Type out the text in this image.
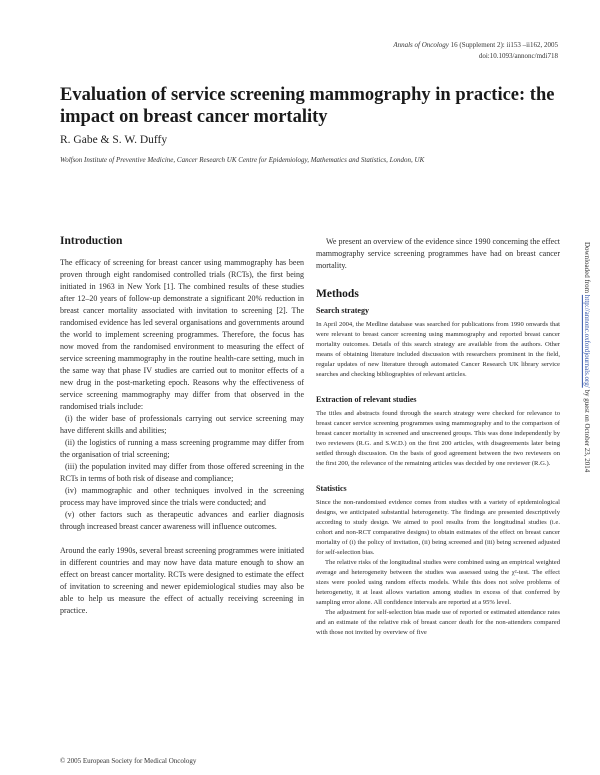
Annals of Oncology 16 (Supplement 2): ii153 –ii162, 2005
doi:10.1093/annonc/mdi718
Evaluation of service screening mammography in practice: the impact on breast cancer mortality

R. Gabe & S. W. Duffy

Wolfson Institute of Preventive Medicine, Cancer Research UK Centre for Epidemiology, Mathematics and Statistics, London, UK

Introduction

The efficacy of screening for breast cancer using mammography has been proven through eight randomised controlled trials (RCTs), the first being initiated in 1963 in New York [1]. The combined results of these studies after 12–20 years of follow-up demonstrate a significant 20% reduction in breast cancer mortality associated with invitation to screening [2]. The randomised evidence has led several organisations and governments around the world to implement screening programmes. Therefore, the focus has now moved from the randomised environment to measuring the effect of service screening mammography in the routine health-care setting, much in the same way that phase IV studies are carried out to monitor effects of a new drug in the post-marketing epoch. Reasons why the effectiveness of service screening mammography may differ from that observed in the randomised trials include:

(i) the wider base of professionals carrying out service screening may have different skills and abilities;
(ii) the logistics of running a mass screening programme may differ from the organisation of trial screening;
(iii) the population invited may differ from those offered screening in the RCTs in terms of both risk of disease and compliance;
(iv) mammographic and other techniques involved in the screening process may have improved since the trials were conducted; and
(v) other factors such as therapeutic advances and earlier diagnosis through increased breast cancer awareness will influence outcomes.

Around the early 1990s, several breast screening programmes were initiated in different countries and may now have data mature enough to show an effect on breast cancer mortality. RCTs were designed to estimate the effect of invitation to screening and newer epidemiological studies may also be able to help us measure the effect of actually receiving screening in practice.

We present an overview of the evidence since 1990 concerning the effect mammography service screening programmes have had on breast cancer mortality.

Methods
Search strategy

In April 2004, the Medline database was searched for publications from 1990 onwards that were relevant to breast cancer screening using mammography and reported breast cancer mortality outcomes. Details of this search strategy are available from the authors. Other means of obtaining literature included discussion with researchers prominent in the field, regular updates of new literature through automated Cancer Research UK library service searches and checking bibliographies of relevant articles.

Extraction of relevant studies

The titles and abstracts found through the search strategy were checked for relevance to breast cancer service screening programmes using mammography and to the comparison of breast cancer mortality in screened and unscreened groups. This was done independently by two reviewers (R.G. and S.W.D.) on the first 200 articles, with disagreements later being settled through discussion. On the basis of good agreement between the two reviewers on the first 200, the relevance of the remaining articles was decided by one reviewer (R.G.).

Statistics

Since the non-randomised evidence comes from studies with a variety of epidemiological designs, we anticipated substantial heterogeneity. The findings are presented descriptively according to study design. We aimed to pool results from the longitudinal studies (i.e. cohort and non-RCT comparative designs) to obtain estimates of the effect on breast cancer mortality of (i) the policy of invitation, (ii) being screened and (iii) being screened adjusted for self-selection bias.

The relative risks of the longitudinal studies were combined using an empirical weighted average and heterogeneity between the studies was assessed using the χ²-test. The effect sizes were pooled using random effects models. While this does not solve problems of heterogeneity, it at least allows variation among studies in excess of that conferred by sampling error alone. All confidence intervals are reported at a 95% level.

The adjustment for self-selection bias made use of reported or estimated attendance rates and an estimate of the relative risk of breast cancer death for the non-attenders compared with those not invited by overview of five

© 2005 European Society for Medical Oncology

Downloaded from http://annonc.oxfordjournals.org/ by guest on October 23, 2014
